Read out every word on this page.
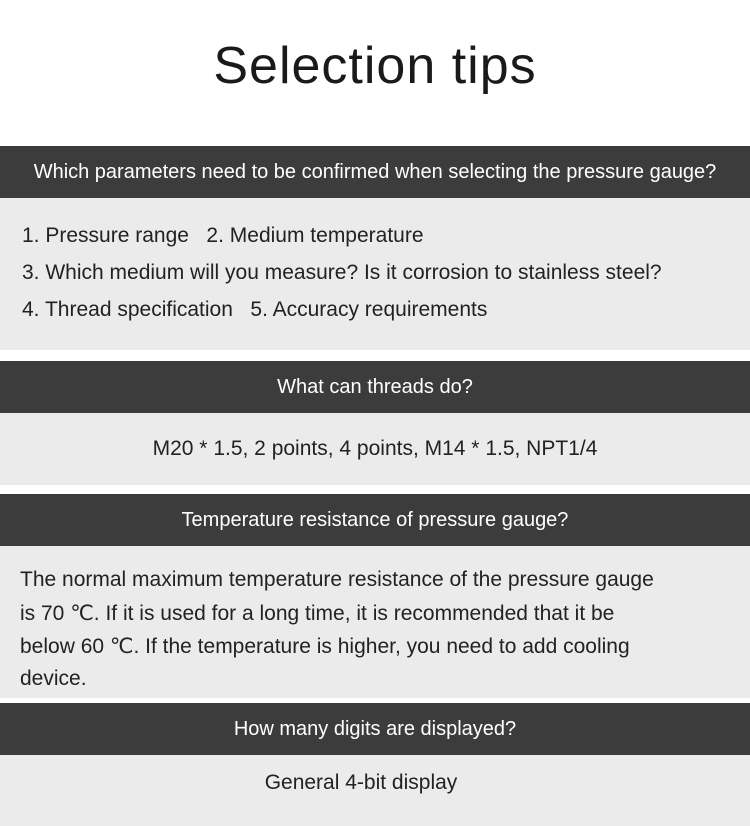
Selection tips
Which parameters need to be confirmed when selecting the pressure gauge?
1. Pressure range   2. Medium temperature
3. Which medium will you measure? Is it corrosion to stainless steel?
4. Thread specification   5. Accuracy requirements
What can threads do?
M20 * 1.5, 2 points, 4 points, M14 * 1.5, NPT1/4
Temperature resistance of pressure gauge?
The normal maximum temperature resistance of the pressure gauge
is 70 ℃. If it is used for a long time, it is recommended that it be
below 60 ℃. If the temperature is higher, you need to add cooling
device.
How many digits are displayed?
General 4-bit display
